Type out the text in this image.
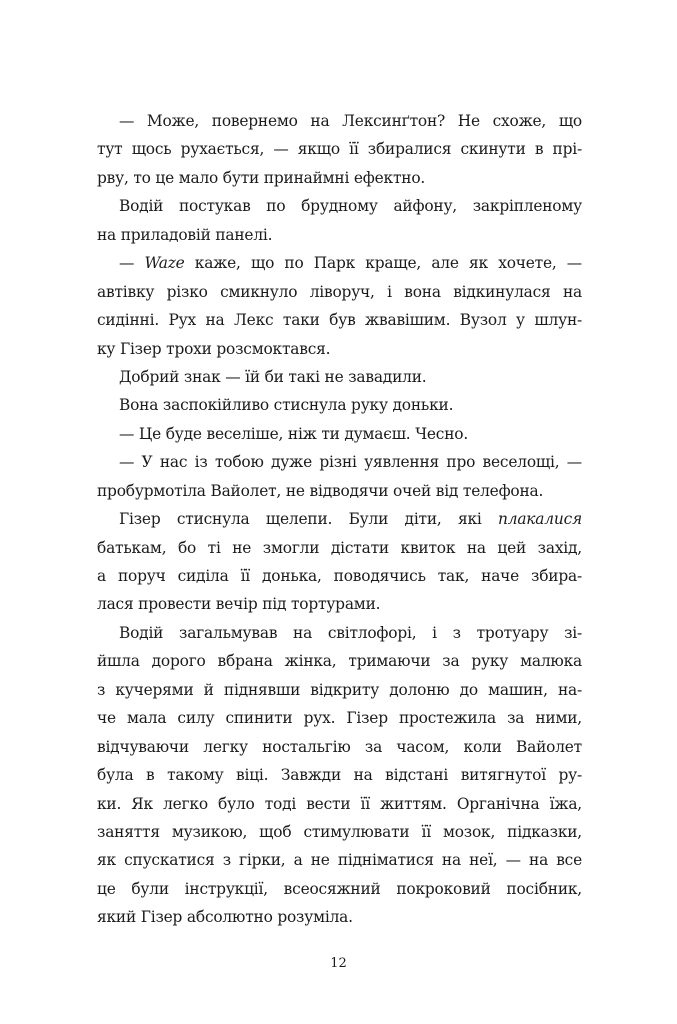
— Може, повернемо на Лексинґтон? Не схоже, що
тут щось рухається, — якщо її збиралися скинути в прі-
рву, то це мало бути принаймні ефектно.
Водій постукав по брудному айфону, закріпленому
на приладовій панелі.
— Waze каже, що по Парк краще, але як хочете, —
автівку різко смикнуло ліворуч, і вона відкинулася на
сидінні. Рух на Лекс таки був жвавішим. Вузол у шлун-
ку Гізер трохи розсмоктався.
Добрий знак — їй би такі не завадили.
Вона заспокійливо стиснула руку доньки.
— Це буде веселіше, ніж ти думаєш. Чесно.
— У нас із тобою дуже різні уявлення про веселощі, —
пробурмотіла Вайолет, не відводячи очей від телефона.
Гізер стиснула щелепи. Були діти, які плакалися
батькам, бо ті не змогли дістати квиток на цей захід,
а поруч сиділа її донька, поводячись так, наче збира-
лася провести вечір під тортурами.
Водій загальмував на світлофорі, і з тротуару зі-
йшла дорого вбрана жінка, тримаючи за руку малюка
з кучерями й піднявши відкриту долоню до машин, на-
че мала силу спинити рух. Гізер простежила за ними,
відчуваючи легку ностальгію за часом, коли Вайолет
була в такому віці. Завжди на відстані витягнутої ру-
ки. Як легко було тоді вести її життям. Органічна їжа,
заняття музикою, щоб стимулювати її мозок, підказки,
як спускатися з гірки, а не підніматися на неї, — на все
це були інструкції, всеосяжний покроковий посібник,
який Гізер абсолютно розуміла.
12
